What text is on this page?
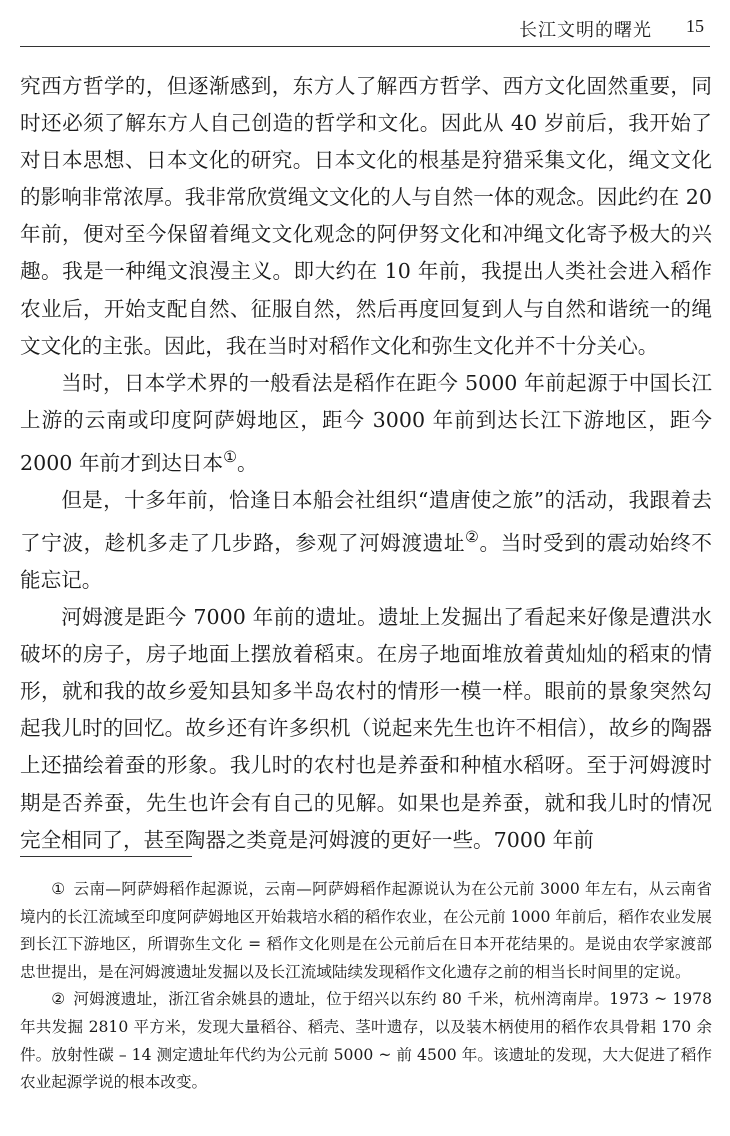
长江文明的曙光 15

究西方哲学的，但逐渐感到，东方人了解西方哲学、西方文化固然重要，同时还必须了解东方人自己创造的哲学和文化。因此从 40 岁前后，我开始了对日本思想、日本文化的研究。日本文化的根基是狩猎采集文化，绳文文化的影响非常浓厚。我非常欣赏绳文文化的人与自然一体的观念。因此约在 20 年前，便对至今保留着绳文文化观念的阿伊努文化和冲绳文化寄予极大的兴趣。我是一种绳文浪漫主义。即大约在 10 年前，我提出人类社会进入稻作农业后，开始支配自然、征服自然，然后再度回复到人与自然和谐统一的绳文文化的主张。因此，我在当时对稻作文化和弥生文化并不十分关心。

当时，日本学术界的一般看法是稻作在距今 5000 年前起源于中国长江上游的云南或印度阿萨姆地区，距今 3000 年前到达长江下游地区，距今 2000 年前才到达日本①。

但是，十多年前，恰逢日本船会社组织“遣唐使之旅”的活动，我跟着去了宁波，趁机多走了几步路，参观了河姆渡遗址②。当时受到的震动始终不能忘记。

河姆渡是距今 7000 年前的遗址。遗址上发掘出了看起来好像是遭洪水破坏的房子，房子地面上摆放着稻束。在房子地面堆放着黄灿灿的稻束的情形，就和我的故乡爱知县知多半岛农村的情形一模一样。眼前的景象突然勾起我儿时的回忆。故乡还有许多织机（说起来先生也许不相信），故乡的陶器上还描绘着蚕的形象。我儿时的农村也是养蚕和种植水稻呀。至于河姆渡时期是否养蚕，先生也许会有自己的见解。如果也是养蚕，就和我儿时的情况完全相同了，甚至陶器之类竟是河姆渡的更好一些。7000 年前

① 云南—阿萨姆稻作起源说，云南—阿萨姆稻作起源说认为在公元前 3000 年左右，从云南省境内的长江流域至印度阿萨姆地区开始栽培水稻的稻作农业，在公元前 1000 年前后，稻作农业发展到长江下游地区，所谓弥生文化 = 稻作文化则是在公元前后在日本开花结果的。是说由农学家渡部忠世提出，是在河姆渡遗址发掘以及长江流域陆续发现稻作文化遗存之前的相当长时间里的定说。

② 河姆渡遗址，浙江省余姚县的遗址，位于绍兴以东约 80 千米，杭州湾南岸。1973 ~ 1978 年共发掘 2810 平方米，发现大量稻谷、稻壳、茎叶遗存，以及装木柄使用的稻作农具骨耜 170 余件。放射性碳 – 14 测定遗址年代约为公元前 5000 ~ 前 4500 年。该遗址的发现，大大促进了稻作农业起源学说的根本改变。
